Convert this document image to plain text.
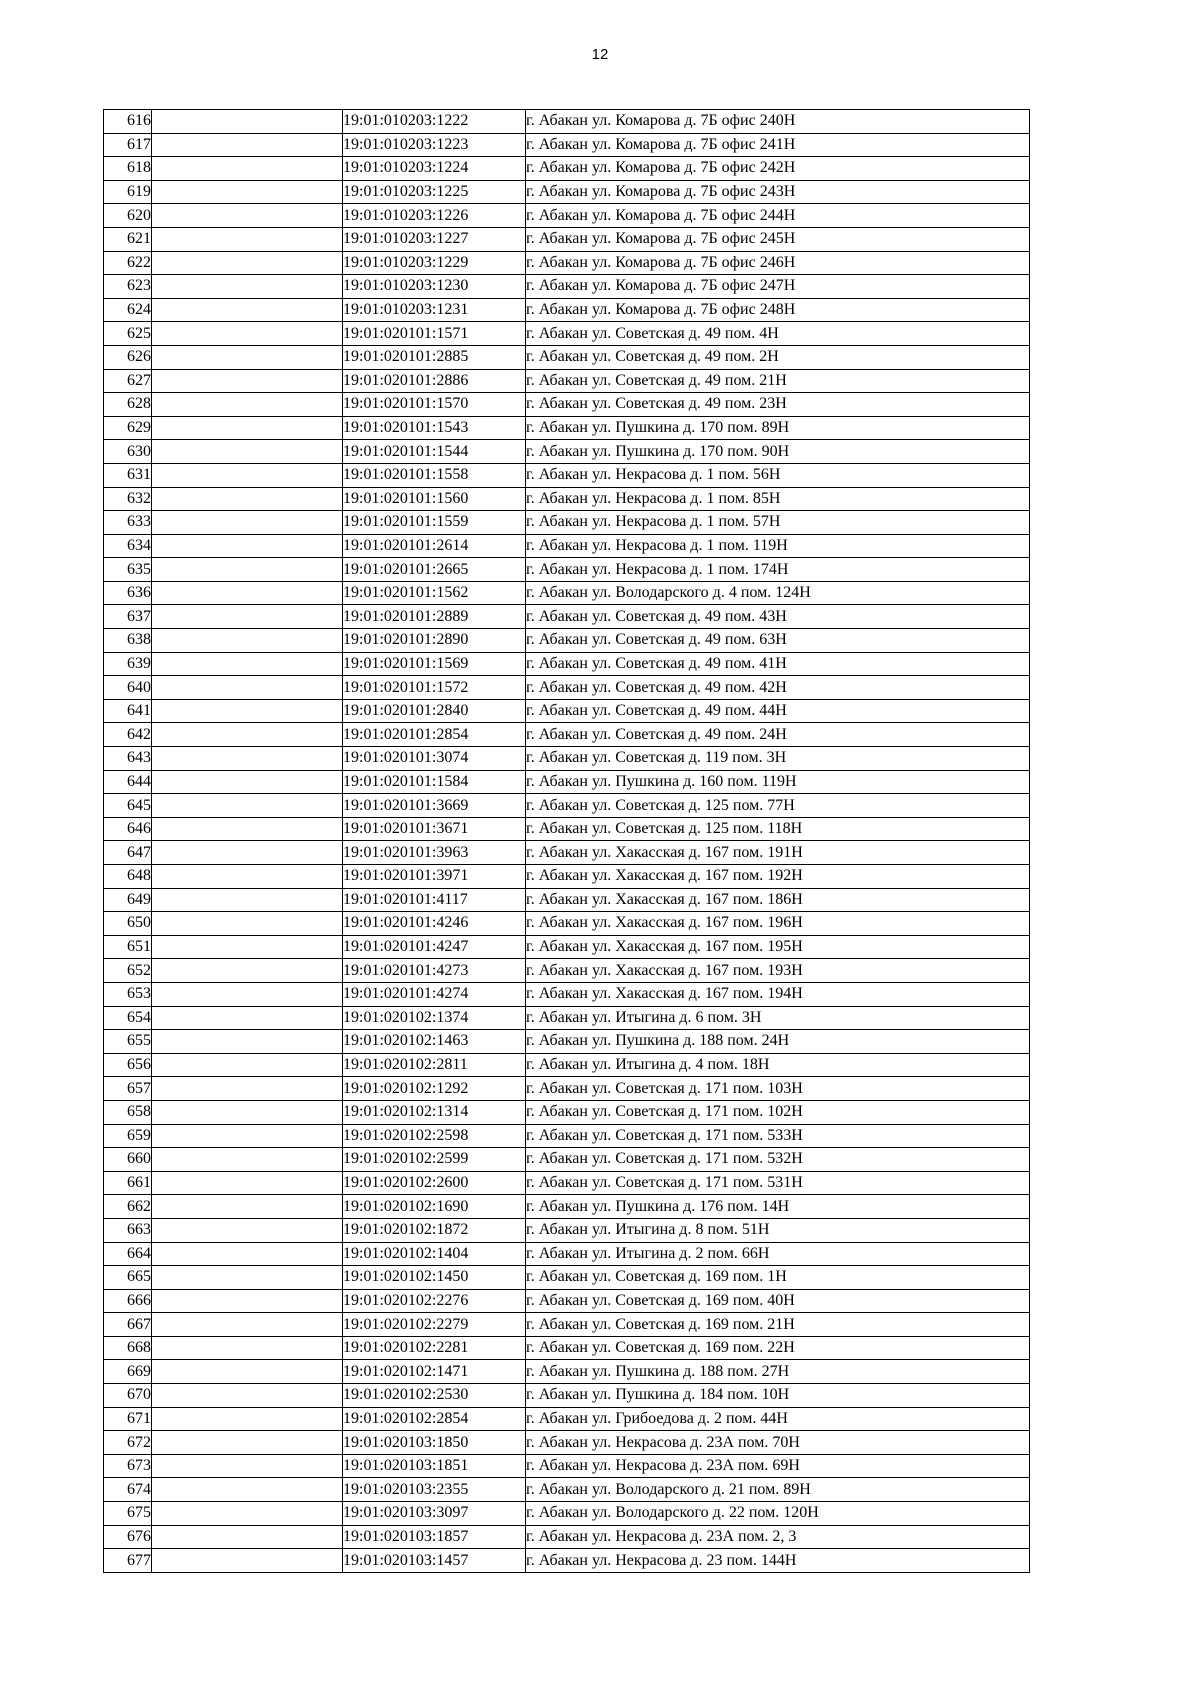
12
616		19:01:010203:1222	г. Абакан ул. Комарова д. 7Б офис 240Н
617		19:01:010203:1223	г. Абакан ул. Комарова д. 7Б офис 241Н
618		19:01:010203:1224	г. Абакан ул. Комарова д. 7Б офис 242Н
619		19:01:010203:1225	г. Абакан ул. Комарова д. 7Б офис 243Н
620		19:01:010203:1226	г. Абакан ул. Комарова д. 7Б офис 244Н
621		19:01:010203:1227	г. Абакан ул. Комарова д. 7Б офис 245Н
622		19:01:010203:1229	г. Абакан ул. Комарова д. 7Б офис 246Н
623		19:01:010203:1230	г. Абакан ул. Комарова д. 7Б офис 247Н
624		19:01:010203:1231	г. Абакан ул. Комарова д. 7Б офис 248Н
625		19:01:020101:1571	г. Абакан ул. Советская д. 49 пом. 4Н
626		19:01:020101:2885	г. Абакан ул. Советская д. 49 пом. 2Н
627		19:01:020101:2886	г. Абакан ул. Советская д. 49 пом. 21Н
628		19:01:020101:1570	г. Абакан ул. Советская д. 49 пом. 23Н
629		19:01:020101:1543	г. Абакан ул. Пушкина д. 170 пом. 89Н
630		19:01:020101:1544	г. Абакан ул. Пушкина д. 170 пом. 90Н
631		19:01:020101:1558	г. Абакан ул. Некрасова д. 1 пом. 56Н
632		19:01:020101:1560	г. Абакан ул. Некрасова д. 1 пом. 85Н
633		19:01:020101:1559	г. Абакан ул. Некрасова д. 1 пом. 57Н
634		19:01:020101:2614	г. Абакан ул. Некрасова д. 1 пом. 119Н
635		19:01:020101:2665	г. Абакан ул. Некрасова д. 1 пом. 174Н
636		19:01:020101:1562	г. Абакан ул. Володарского д. 4 пом. 124Н
637		19:01:020101:2889	г. Абакан ул. Советская д. 49 пом. 43Н
638		19:01:020101:2890	г. Абакан ул. Советская д. 49 пом. 63Н
639		19:01:020101:1569	г. Абакан ул. Советская д. 49 пом. 41Н
640		19:01:020101:1572	г. Абакан ул. Советская д. 49 пом. 42Н
641		19:01:020101:2840	г. Абакан ул. Советская д. 49 пом. 44Н
642		19:01:020101:2854	г. Абакан ул. Советская д. 49 пом. 24Н
643		19:01:020101:3074	г. Абакан ул. Советская д. 119 пом. 3Н
644		19:01:020101:1584	г. Абакан ул. Пушкина д. 160 пом. 119Н
645		19:01:020101:3669	г. Абакан ул. Советская д. 125 пом. 77Н
646		19:01:020101:3671	г. Абакан ул. Советская д. 125 пом. 118Н
647		19:01:020101:3963	г. Абакан ул. Хакасская д. 167 пом. 191Н
648		19:01:020101:3971	г. Абакан ул. Хакасская д. 167 пом. 192Н
649		19:01:020101:4117	г. Абакан ул. Хакасская д. 167 пом. 186Н
650		19:01:020101:4246	г. Абакан ул. Хакасская д. 167 пом. 196Н
651		19:01:020101:4247	г. Абакан ул. Хакасская д. 167 пом. 195Н
652		19:01:020101:4273	г. Абакан ул. Хакасская д. 167 пом. 193Н
653		19:01:020101:4274	г. Абакан ул. Хакасская д. 167 пом. 194Н
654		19:01:020102:1374	г. Абакан ул. Итыгина д. 6 пом. 3Н
655		19:01:020102:1463	г. Абакан ул. Пушкина д. 188 пом. 24Н
656		19:01:020102:2811	г. Абакан ул. Итыгина д. 4 пом. 18Н
657		19:01:020102:1292	г. Абакан ул. Советская д. 171 пом. 103Н
658		19:01:020102:1314	г. Абакан ул. Советская д. 171 пом. 102Н
659		19:01:020102:2598	г. Абакан ул. Советская д. 171 пом. 533Н
660		19:01:020102:2599	г. Абакан ул. Советская д. 171 пом. 532Н
661		19:01:020102:2600	г. Абакан ул. Советская д. 171 пом. 531Н
662		19:01:020102:1690	г. Абакан ул. Пушкина д. 176 пом. 14Н
663		19:01:020102:1872	г. Абакан ул. Итыгина д. 8 пом. 51Н
664		19:01:020102:1404	г. Абакан ул. Итыгина д. 2 пом. 66Н
665		19:01:020102:1450	г. Абакан ул. Советская д. 169 пом. 1Н
666		19:01:020102:2276	г. Абакан ул. Советская д. 169 пом. 40Н
667		19:01:020102:2279	г. Абакан ул. Советская д. 169 пом. 21Н
668		19:01:020102:2281	г. Абакан ул. Советская д. 169 пом. 22Н
669		19:01:020102:1471	г. Абакан ул. Пушкина д. 188 пом. 27Н
670		19:01:020102:2530	г. Абакан ул. Пушкина д. 184 пом. 10Н
671		19:01:020102:2854	г. Абакан ул. Грибоедова д. 2 пом. 44Н
672		19:01:020103:1850	г. Абакан ул. Некрасова д. 23А пом. 70Н
673		19:01:020103:1851	г. Абакан ул. Некрасова д. 23А пом. 69Н
674		19:01:020103:2355	г. Абакан ул. Володарского д. 21 пом. 89Н
675		19:01:020103:3097	г. Абакан ул. Володарского д. 22 пом. 120Н
676		19:01:020103:1857	г. Абакан ул. Некрасова д. 23А пом. 2, 3
677		19:01:020103:1457	г. Абакан ул. Некрасова д. 23 пом. 144Н
